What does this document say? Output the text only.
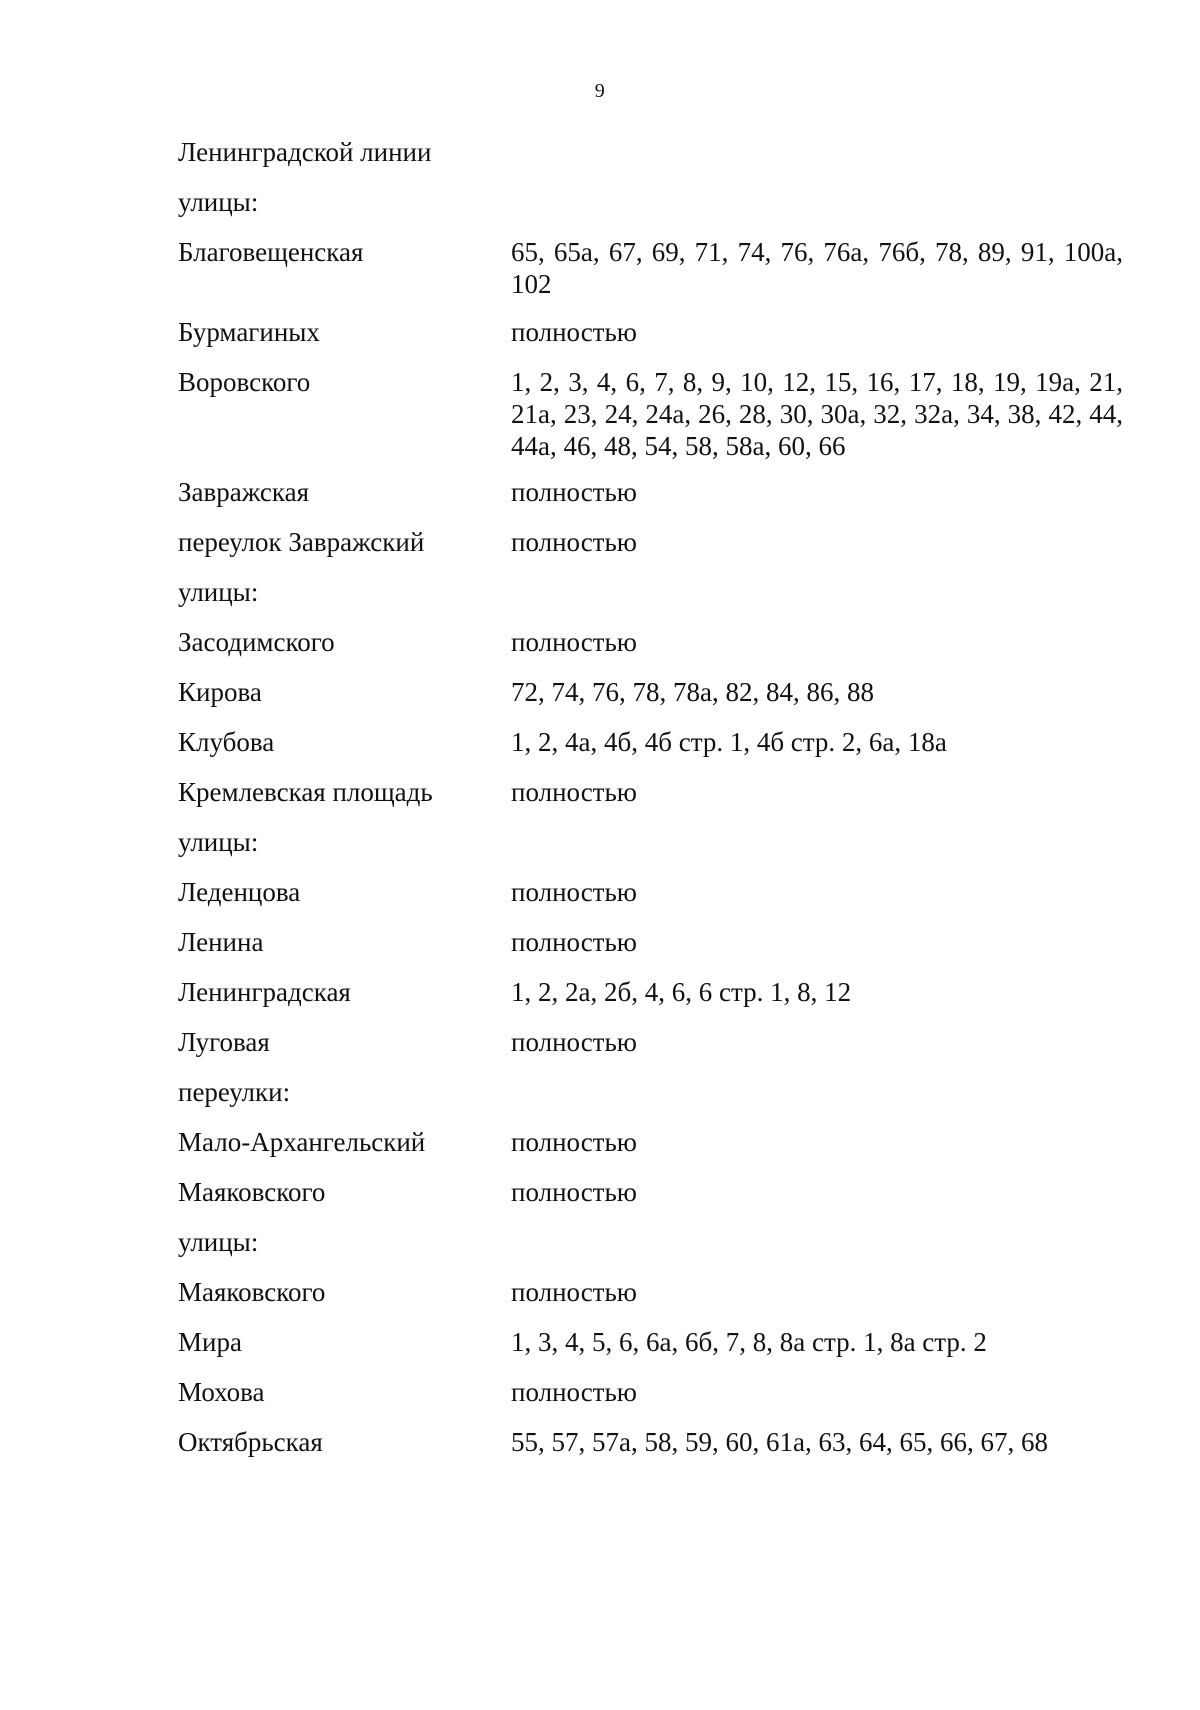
9
Ленинградской линии
улицы:
Благовещенская	65, 65а, 67, 69, 71, 74, 76, 76а, 76б, 78, 89, 91, 100а, 102
Бурмагиных	полностью
Воровского	1, 2, 3, 4, 6, 7, 8, 9, 10, 12, 15, 16, 17, 18, 19, 19а, 21, 21а, 23, 24, 24а, 26, 28, 30, 30а, 32, 32а, 34, 38, 42, 44, 44а, 46, 48, 54, 58, 58а, 60, 66
Завражская	полностью
переулок Завражский	полностью
улицы:
Засодимского	полностью
Кирова	72, 74, 76, 78, 78а, 82, 84, 86, 88
Клубова	1, 2, 4а, 4б, 4б стр. 1, 4б стр. 2, 6а, 18а
Кремлевская площадь	полностью
улицы:
Леденцова	полностью
Ленина	полностью
Ленинградская	1, 2, 2а, 2б, 4, 6, 6 стр. 1, 8, 12
Луговая	полностью
переулки:
Мало-Архангельский	полностью
Маяковского	полностью
улицы:
Маяковского	полностью
Мира	1, 3, 4, 5, 6, 6а, 6б, 7, 8, 8а стр. 1, 8а стр. 2
Мохова	полностью
Октябрьская	55, 57, 57а, 58, 59, 60, 61а, 63, 64, 65, 66, 67, 68
